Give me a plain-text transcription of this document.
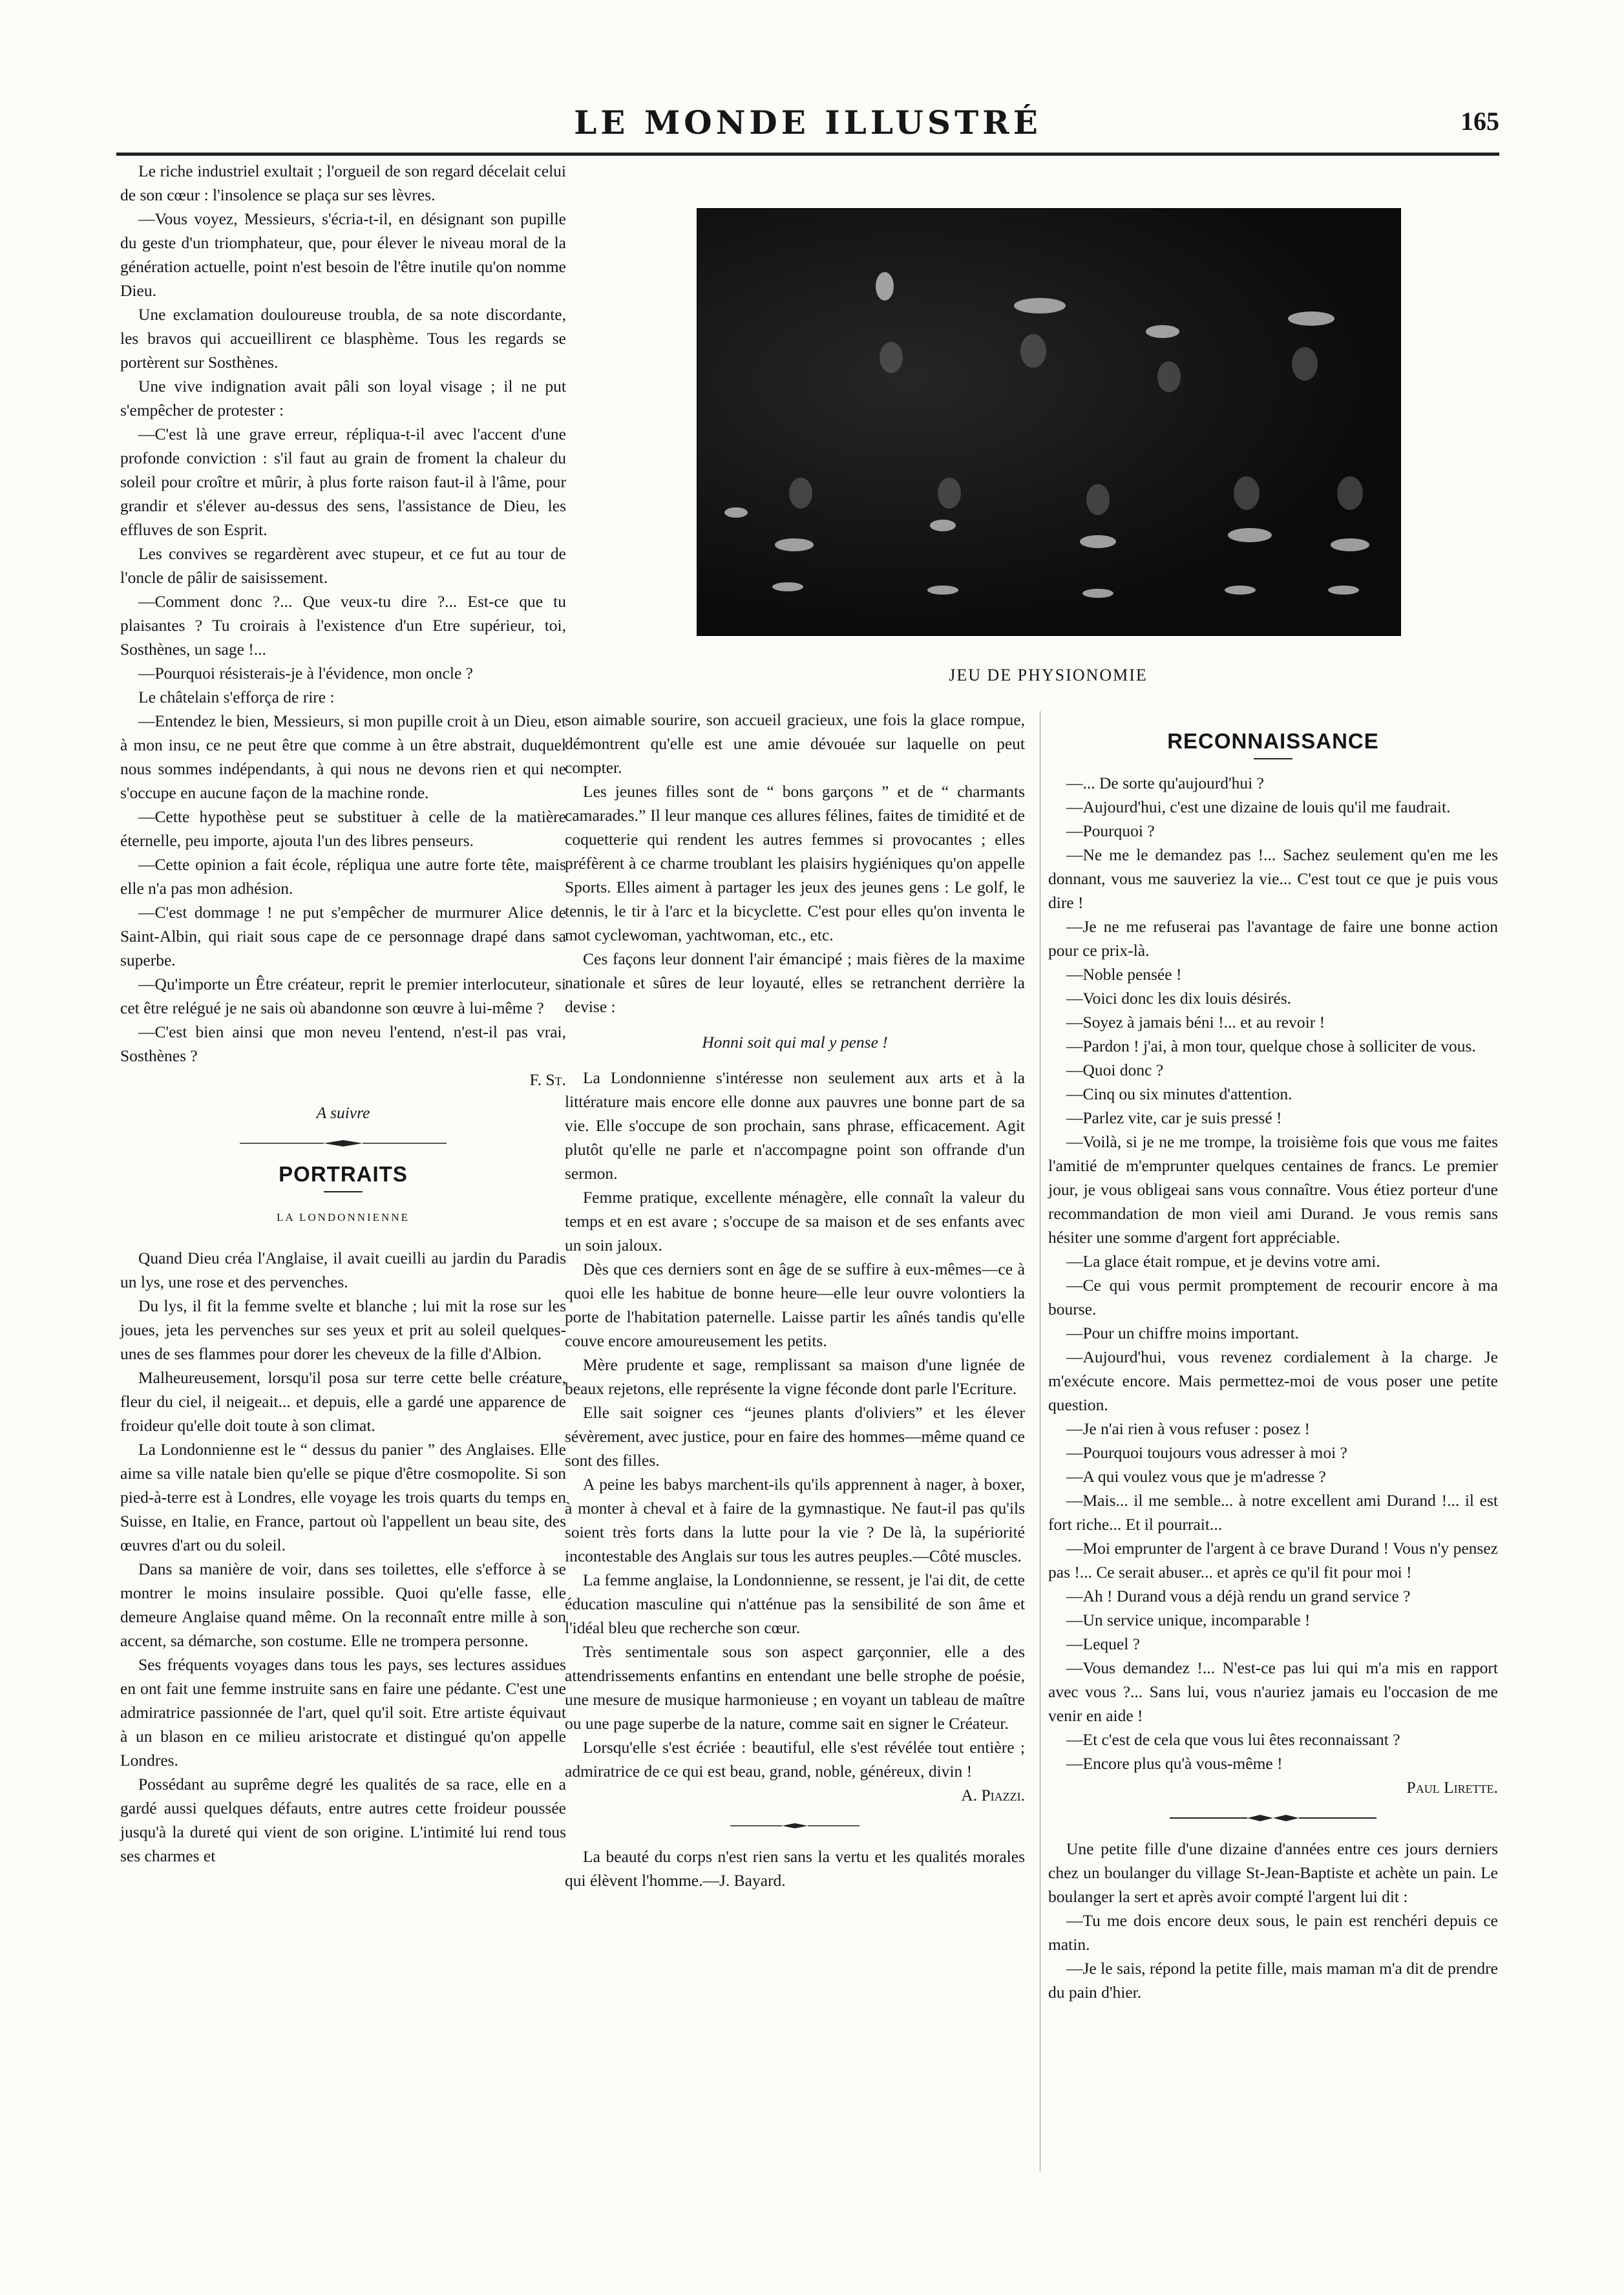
LE MONDE ILLUSTRÉ	165

Le riche industriel exultait ; l'orgueil de son regard décelait celui de son cœur : l'insolence se plaça sur ses lèvres.

—Vous voyez, Messieurs, s'écria-t-il, en désignant son pupille du geste d'un triomphateur, que, pour élever le niveau moral de la génération actuelle, point n'est besoin de l'être inutile qu'on nomme Dieu.

Une exclamation douloureuse troubla, de sa note discordante, les bravos qui accueillirent ce blasphème. Tous les regards se portèrent sur Sosthènes.

Une vive indignation avait pâli son loyal visage ; il ne put s'empêcher de protester :

—C'est là une grave erreur, répliqua-t-il avec l'accent d'une profonde conviction : s'il faut au grain de froment la chaleur du soleil pour croître et mûrir, à plus forte raison faut-il à l'âme, pour grandir et s'élever au-dessus des sens, l'assistance de Dieu, les effluves de son Esprit.

Les convives se regardèrent avec stupeur, et ce fut au tour de l'oncle de pâlir de saisissement.

—Comment donc ?... Que veux-tu dire ?... Est-ce que tu plaisantes ? Tu croirais à l'existence d'un Etre supérieur, toi, Sosthènes, un sage !...

—Pourquoi résisterais-je à l'évidence, mon oncle ?

Le châtelain s'efforça de rire :

—Entendez le bien, Messieurs, si mon pupille croit à un Dieu, et à mon insu, ce ne peut être que comme à un être abstrait, duquel nous sommes indépendants, à qui nous ne devons rien et qui ne s'occupe en aucune façon de la machine ronde.

—Cette hypothèse peut se substituer à celle de la matière éternelle, peu importe, ajouta l'un des libres penseurs.

—Cette opinion a fait école, répliqua une autre forte tête, mais elle n'a pas mon adhésion.

—C'est dommage ! ne put s'empêcher de murmurer Alice de Saint-Albin, qui riait sous cape de ce personnage drapé dans sa superbe.

—Qu'importe un Être créateur, reprit le premier interlocuteur, si cet être relégué je ne sais où abandonne son œuvre à lui-même ?

—C'est bien ainsi que mon neveu l'entend, n'est-il pas vrai, Sosthènes ?

F. St.

A suivre

PORTRAITS
LA LONDONNIENNE

Quand Dieu créa l'Anglaise, il avait cueilli au jardin du Paradis un lys, une rose et des pervenches.

Du lys, il fit la femme svelte et blanche ; lui mit la rose sur les joues, jeta les pervenches sur ses yeux et prit au soleil quelques-unes de ses flammes pour dorer les cheveux de la fille d'Albion.

Malheureusement, lorsqu'il posa sur terre cette belle créature, fleur du ciel, il neigeait... et depuis, elle a gardé une apparence de froideur qu'elle doit toute à son climat.

La Londonnienne est le “ dessus du panier ” des Anglaises. Elle aime sa ville natale bien qu'elle se pique d'être cosmopolite. Si son pied-à-terre est à Londres, elle voyage les trois quarts du temps en Suisse, en Italie, en France, partout où l'appellent un beau site, des œuvres d'art ou du soleil.

Dans sa manière de voir, dans ses toilettes, elle s'efforce à se montrer le moins insulaire possible. Quoi qu'elle fasse, elle demeure Anglaise quand même. On la reconnaît entre mille à son accent, sa démarche, son costume. Elle ne trompera personne.

Ses fréquents voyages dans tous les pays, ses lectures assidues en ont fait une femme instruite sans en faire une pédante. C'est une admiratrice passionnée de l'art, quel qu'il soit. Etre artiste équivaut à un blason en ce milieu aristocrate et distingué qu'on appelle Londres.

Possédant au suprême degré les qualités de sa race, elle en a gardé aussi quelques défauts, entre autres cette froideur poussée jusqu'à la dureté qui vient de son origine. L'intimité lui rend tous ses charmes et

JEU DE PHYSIONOMIE

son aimable sourire, son accueil gracieux, une fois la glace rompue, démontrent qu'elle est une amie dévouée sur laquelle on peut compter.

Les jeunes filles sont de “ bons garçons ” et de “ charmants camarades.” Il leur manque ces allures félines, faites de timidité et de coquetterie qui rendent les autres femmes si provocantes ; elles préfèrent à ce charme troublant les plaisirs hygiéniques qu'on appelle Sports. Elles aiment à partager les jeux des jeunes gens : Le golf, le tennis, le tir à l'arc et la bicyclette. C'est pour elles qu'on inventa le mot cyclewoman, yachtwoman, etc., etc.

Ces façons leur donnent l'air émancipé ; mais fières de la maxime nationale et sûres de leur loyauté, elles se retranchent derrière la devise :

Honni soit qui mal y pense !

La Londonnienne s'intéresse non seulement aux arts et à la littérature mais encore elle donne aux pauvres une bonne part de sa vie. Elle s'occupe de son prochain, sans phrase, efficacement. Agit plutôt qu'elle ne parle et n'accompagne point son offrande d'un sermon.

Femme pratique, excellente ménagère, elle connaît la valeur du temps et en est avare ; s'occupe de sa maison et de ses enfants avec un soin jaloux.

Dès que ces derniers sont en âge de se suffire à eux-mêmes—ce à quoi elle les habitue de bonne heure—elle leur ouvre volontiers la porte de l'habitation paternelle. Laisse partir les aînés tandis qu'elle couve encore amoureusement les petits.

Mère prudente et sage, remplissant sa maison d'une lignée de beaux rejetons, elle représente la vigne féconde dont parle l'Ecriture.

Elle sait soigner ces “jeunes plants d'oliviers” et les élever sévèrement, avec justice, pour en faire des hommes—même quand ce sont des filles.

A peine les babys marchent-ils qu'ils apprennent à nager, à boxer, à monter à cheval et à faire de la gymnastique. Ne faut-il pas qu'ils soient très forts dans la lutte pour la vie ? De là, la supériorité incontestable des Anglais sur tous les autres peuples.—Côté muscles.

La femme anglaise, la Londonnienne, se ressent, je l'ai dit, de cette éducation masculine qui n'atténue pas la sensibilité de son âme et l'idéal bleu que recherche son cœur.

Très sentimentale sous son aspect garçonnier, elle a des attendrissements enfantins en entendant une belle strophe de poésie, une mesure de musique harmonieuse ; en voyant un tableau de maître ou une page superbe de la nature, comme sait en signer le Créateur.

Lorsqu'elle s'est écriée : beautiful, elle s'est révélée tout entière ; admiratrice de ce qui est beau, grand, noble, généreux, divin !

A. Piazzi.

La beauté du corps n'est rien sans la vertu et les qualités morales qui élèvent l'homme.—J. Bayard.

RECONNAISSANCE

—... De sorte qu'aujourd'hui ?

—Aujourd'hui, c'est une dizaine de louis qu'il me faudrait.

—Pourquoi ?

—Ne me le demandez pas !... Sachez seulement qu'en me les donnant, vous me sauveriez la vie... C'est tout ce que je puis vous dire !

—Je ne me refuserai pas l'avantage de faire une bonne action pour ce prix-là.

—Noble pensée !

—Voici donc les dix louis désirés.

—Soyez à jamais béni !... et au revoir !

—Pardon ! j'ai, à mon tour, quelque chose à solliciter de vous.

—Quoi donc ?

—Cinq ou six minutes d'attention.

—Parlez vite, car je suis pressé !

—Voilà, si je ne me trompe, la troisième fois que vous me faites l'amitié de m'emprunter quelques centaines de francs. Le premier jour, je vous obligeai sans vous connaître. Vous étiez porteur d'une recommandation de mon vieil ami Durand. Je vous remis sans hésiter une somme d'argent fort appréciable.

—La glace était rompue, et je devins votre ami.

—Ce qui vous permit promptement de recourir encore à ma bourse.

—Pour un chiffre moins important.

—Aujourd'hui, vous revenez cordialement à la charge. Je m'exécute encore. Mais permettez-moi de vous poser une petite question.

—Je n'ai rien à vous refuser : posez !

—Pourquoi toujours vous adresser à moi ?

—A qui voulez vous que je m'adresse ?

—Mais... il me semble... à notre excellent ami Durand !... il est fort riche... Et il pourrait...

—Moi emprunter de l'argent à ce brave Durand ! Vous n'y pensez pas !... Ce serait abuser... et après ce qu'il fit pour moi !

—Ah ! Durand vous a déjà rendu un grand service ?

—Un service unique, incomparable !

—Lequel ?

—Vous demandez !... N'est-ce pas lui qui m'a mis en rapport avec vous ?... Sans lui, vous n'auriez jamais eu l'occasion de me venir en aide !

—Et c'est de cela que vous lui êtes reconnaissant ?

—Encore plus qu'à vous-même !

Paul Lirette.

Une petite fille d'une dizaine d'années entre ces jours derniers chez un boulanger du village St-Jean-Baptiste et achète un pain. Le boulanger la sert et après avoir compté l'argent lui dit :

—Tu me dois encore deux sous, le pain est renchéri depuis ce matin.

—Je le sais, répond la petite fille, mais maman m'a dit de prendre du pain d'hier.
